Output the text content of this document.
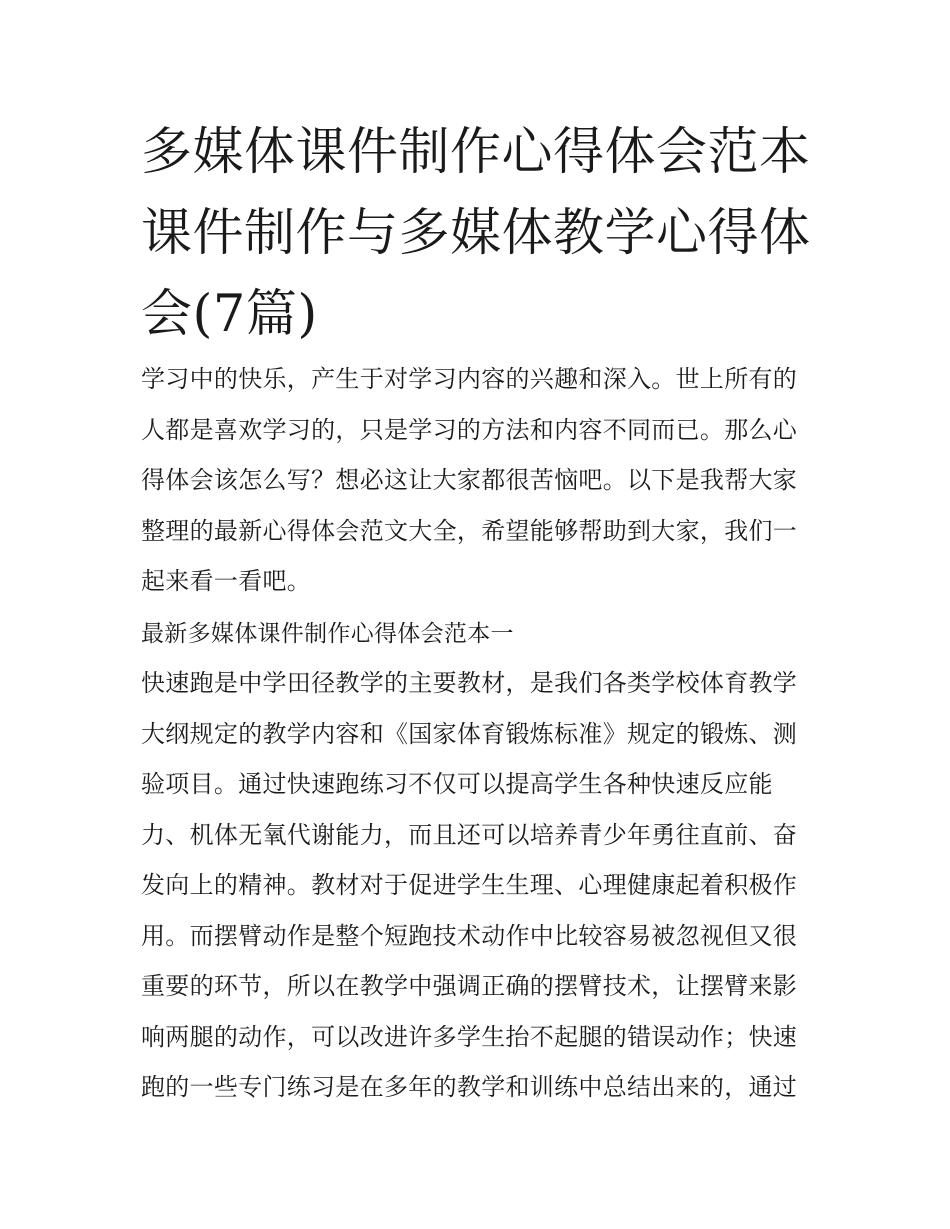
多媒体课件制作心得体会范本
课件制作与多媒体教学心得体
会(7篇)
学习中的快乐，产生于对学习内容的兴趣和深入。世上所有的
人都是喜欢学习的，只是学习的方法和内容不同而已。那么心
得体会该怎么写？想必这让大家都很苦恼吧。以下是我帮大家
整理的最新心得体会范文大全，希望能够帮助到大家，我们一
起来看一看吧。
最新多媒体课件制作心得体会范本一
快速跑是中学田径教学的主要教材，是我们各类学校体育教学
大纲规定的教学内容和《国家体育锻炼标准》规定的锻炼、测
验项目。通过快速跑练习不仅可以提高学生各种快速反应能
力、机体无氧代谢能力，而且还可以培养青少年勇往直前、奋
发向上的精神。教材对于促进学生生理、心理健康起着积极作
用。而摆臂动作是整个短跑技术动作中比较容易被忽视但又很
重要的环节，所以在教学中强调正确的摆臂技术，让摆臂来影
响两腿的动作，可以改进许多学生抬不起腿的错误动作；快速
跑的一些专门练习是在多年的教学和训练中总结出来的，通过
